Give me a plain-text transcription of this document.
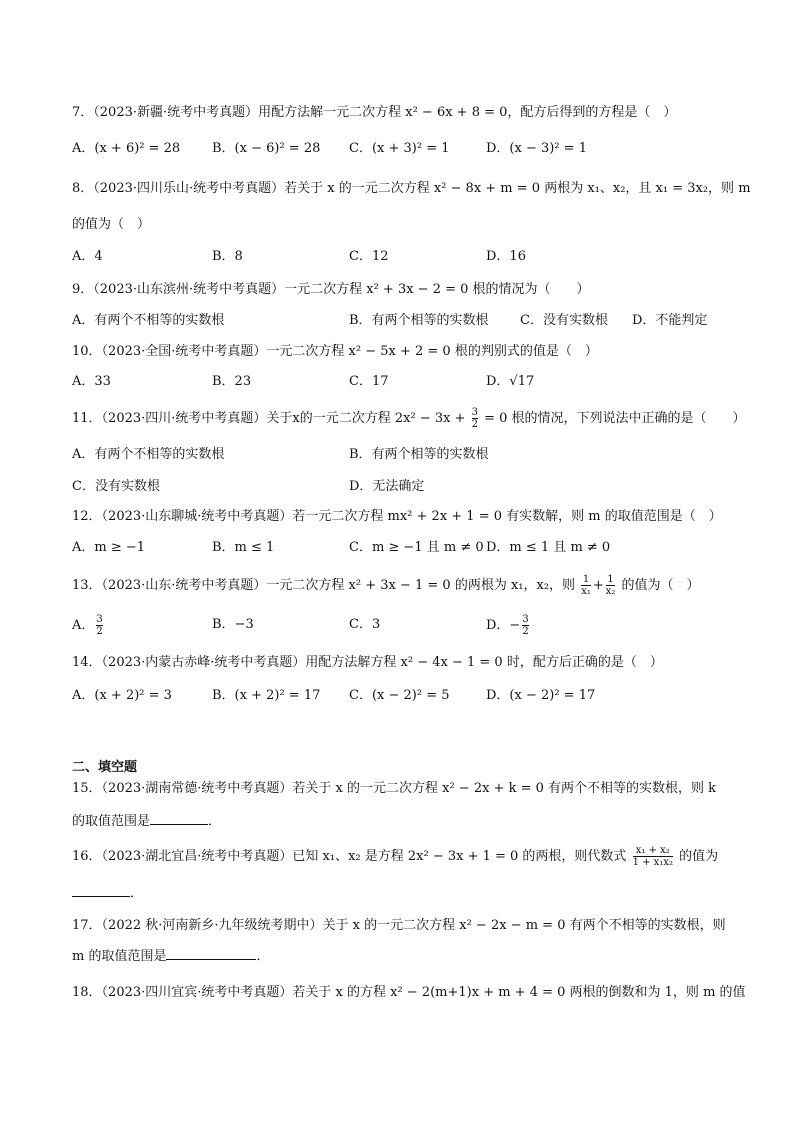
7．（2023·新疆·统考中考真题）用配方法解一元二次方程 x² − 6x + 8 = 0，配方后得到的方程是（　）
A．(x + 6)² = 28 B．(x − 6)² = 28 C．(x + 3)² = 1	D．(x − 3)² = 1
8．（2023·四川乐山·统考中考真题）若关于 x 的一元二次方程 x² − 8x + m = 0 两根为 x₁、x₂，且 x₁ = 3x₂，则 m
的值为（　）
A．4	B．8	C．12	D．16
9．（2023·山东滨州·统考中考真题）一元二次方程 x² + 3x − 2 = 0 根的情况为（　　）
A．有两个不相等的实数根	B．有两个相等的实数根 C．没有实数根 D．不能判定
10．（2023·全国·统考中考真题）一元二次方程 x² − 5x + 2 = 0 根的判别式的值是（　）
A．33	B．23	C．17	D．√17
11．（2023·四川·统考中考真题）关于x的一元二次方程 $2x^2 - 3x + \frac{3}{2} = 0$ 根的情况，下列说法中正确的是（　　）
A．有两个不相等的实数根	B．有两个相等的实数根
C．没有实数根	D．无法确定
12．（2023·山东聊城·统考中考真题）若一元二次方程 mx² + 2x + 1 = 0 有实数解，则 m 的取值范围是（　）
A．m ≥ −1	B．m ≤ 1	C．m ≥ −1 且 m ≠ 0 D．m ≤ 1 且 m ≠ 0
13．（2023·山东·统考中考真题）一元二次方程 x² + 3x − 1 = 0 的两根为 x₁，x₂，则 $\frac{1}{\text{x₁}} + \frac{1}{\text{x₂}}$ 的值为（　）
A． $\frac{3}{2}$	B．−3	C．3	D．− $\frac{3}{2}$
14．（2023·内蒙古赤峰·统考中考真题）用配方法解方程 x² − 4x − 1 = 0 时，配方后正确的是（　）
A．(x + 2)² = 3	B．(x + 2)² = 17 C．(x − 2)² = 5	D．(x − 2)² = 17
二、填空题
15．（2023·湖南常德·统考中考真题）若关于 x 的一元二次方程 x² − 2x + k = 0 有两个不相等的实数根，则 k
的取值范围是	．
16．（2023·湖北宜昌·统考中考真题）已知 x₁、x₂ 是方程 2x² − 3x + 1 = 0 的两根，则代数式 $\frac{\text{x₁ + x₂}}{\text{1 + x₁x₂}}$ 的值为
．
17．（2022 秋·河南新乡·九年级统考期中）关于 x 的一元二次方程 x² − 2x − m = 0 有两个不相等的实数根，则
m 的取值范围是	．
18．（2023·四川宜宾·统考中考真题）若关于 x 的方程 x² − 2(m+1)x + m + 4 = 0 两根的倒数和为 1，则 m 的值
